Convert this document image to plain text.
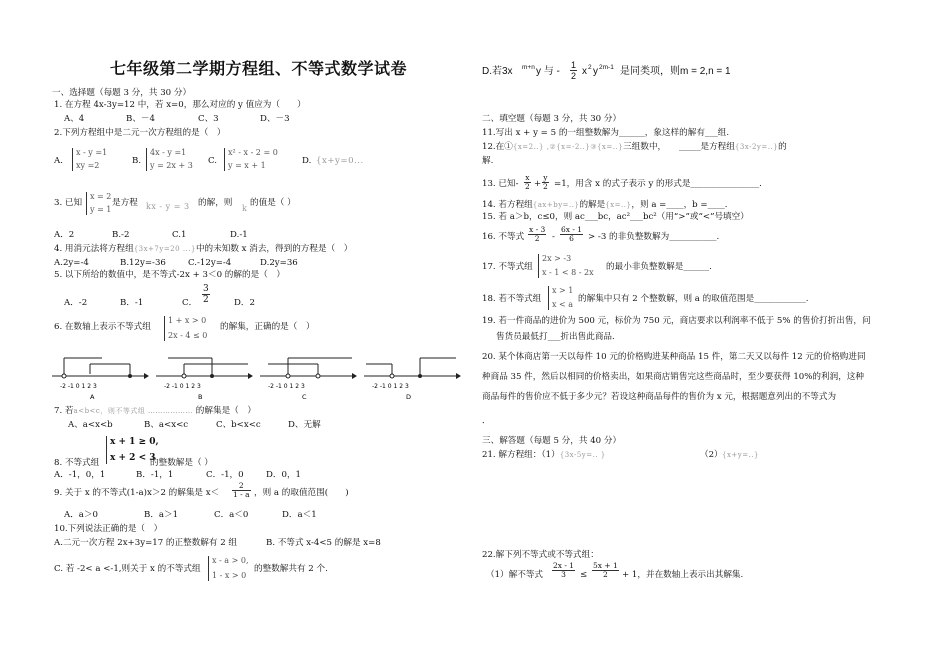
七年级第二学期方程组、不等式数学试卷
一、选择题（每题 3 分，共 30 分）
1. 在方程 4x-3y=12 中，若 x=0，那么对应的 y 值应为（　　）
A、4	B、－4	C、3	D、－3
2.下列方程组中是二元一次方程组的是（　）
A.
x - y =1
xy =2	B.
4x - y =1
y = 2x + 3 C.
x² - x - 2 = 0
y = x + 1	D. {x+y=0...
3. 已知
x = 2
y = 1
是方程 kx - y = 3 的解，则
k
的值是（ ）
A．2	B.-2	C.1	D.-1
4. 用消元法将方程组{3x+7y=20 ...}中的未知数 x 消去，得到的方程是（　）
A.2y=-4	B.12y=-36	C.-12y=-4	D.2y=36
5. 以下所给的数值中，是不等式-2x + 3＜0 的解的是（　）
A．-2	B．-1	C． $\frac{3}{2}$	D．2
6. 在数轴上表示不等式组
1 + x > 0
2x - 4 ≤ 0
的解集，正确的是（　）
-2 -1 0 1 2 3
A
-2 -1 0 1 2 3
B
-2 -1 0 1 2 3
C
-2 -1 0 1 2 3
D
7. 若a<b<c，则不等式组 ……………… 的解集是（　）
A、a<x<b	B、a<x<c	C、b<x<c	D、无解
8. 不等式组
x + 1 ≥ 0,
x + 2 < 3
的整数解是（ ）
A．-1，0，1	B．-1，1	C．-1，0	D．0，1
9. 关于 x 的不等式(1-a)x＞2 的解集是 $x< \frac{2}{1 - a}$ ，则 a 的取值范围(　　)
A．a＞0	B．a＞1	C．a＜0	D．a＜1
10.下列说法正确的是（　）
A.二元一次方程 2x+3y=17 的正整数解有 2 组	B. 不等式 x-4<5 的解是 x=8
C. 若 -2< a <-1,则关于 x 的不等式组
x - a > 0,
1 - x > 0
的整数解共有 2 个.
D.若3x m+n y 与 - $\frac{1}{2}$ x 2 y 2m-1 是同类项，则m = 2,n = 1
二、填空题（每题 3 分，共 30 分）
11.写出 x + y = 5 的一组整数解为______，象这样的解有___组.
12.在①{x=2..} ,②{x=-2..}③{x=..}三组数中，　　_____是方程组{3x-2y=..}的
解.
13. 已知- $\frac{x}{2} + \frac{y}{2} =1$，用含 x 的式子表示 y 的形式是________________.
14. 若方程组{ax+by=..}的解是{x=..}，则 a =____，b =____.
15. 若 a＞b，c≤0，则 ac___bc，ac²___bc²（用“>”或“<”号填空）
16. 不等式 $\frac{x - 3}{2} - \frac{6x - 1}{6} > -3$ 的非负整数解为___________.
17. 不等式组
2x > -3
x - 1 < 8 - 2x
的最小非负整数解是______.
18. 若不等式组
x > 1
x < a
的解集中只有 2 个整数解，则 a 的取值范围是____________.
19. 若一件商品的进价为 500 元，标价为 750 元，商店要求以利润率不低于 5% 的售价打折出售，问
售货员最低打___折出售此商品.
20. 某个体商店第一天以每件 10 元的价格购进某种商品 15 件，第二天又以每件 12 元的价格购进同
种商品 35 件，然后以相同的价格卖出，如果商店销售完这些商品时，至少要获得 10%的利润，这种
商品每件的售价应不低于多少元？若设这种商品每件的售价为 x 元，根据题意列出的不等式为
．
三、解答题（每题 5 分，共 40 分）
21. 解方程组：（1）{3x-5y=.. }	（2） {x+y=..}
22.解下列不等式或不等式组：
（1）解不等式 $\frac{2x - 1}{3} \le \frac{5x + 1}{2} + 1$，并在数轴上表示出其解集.
